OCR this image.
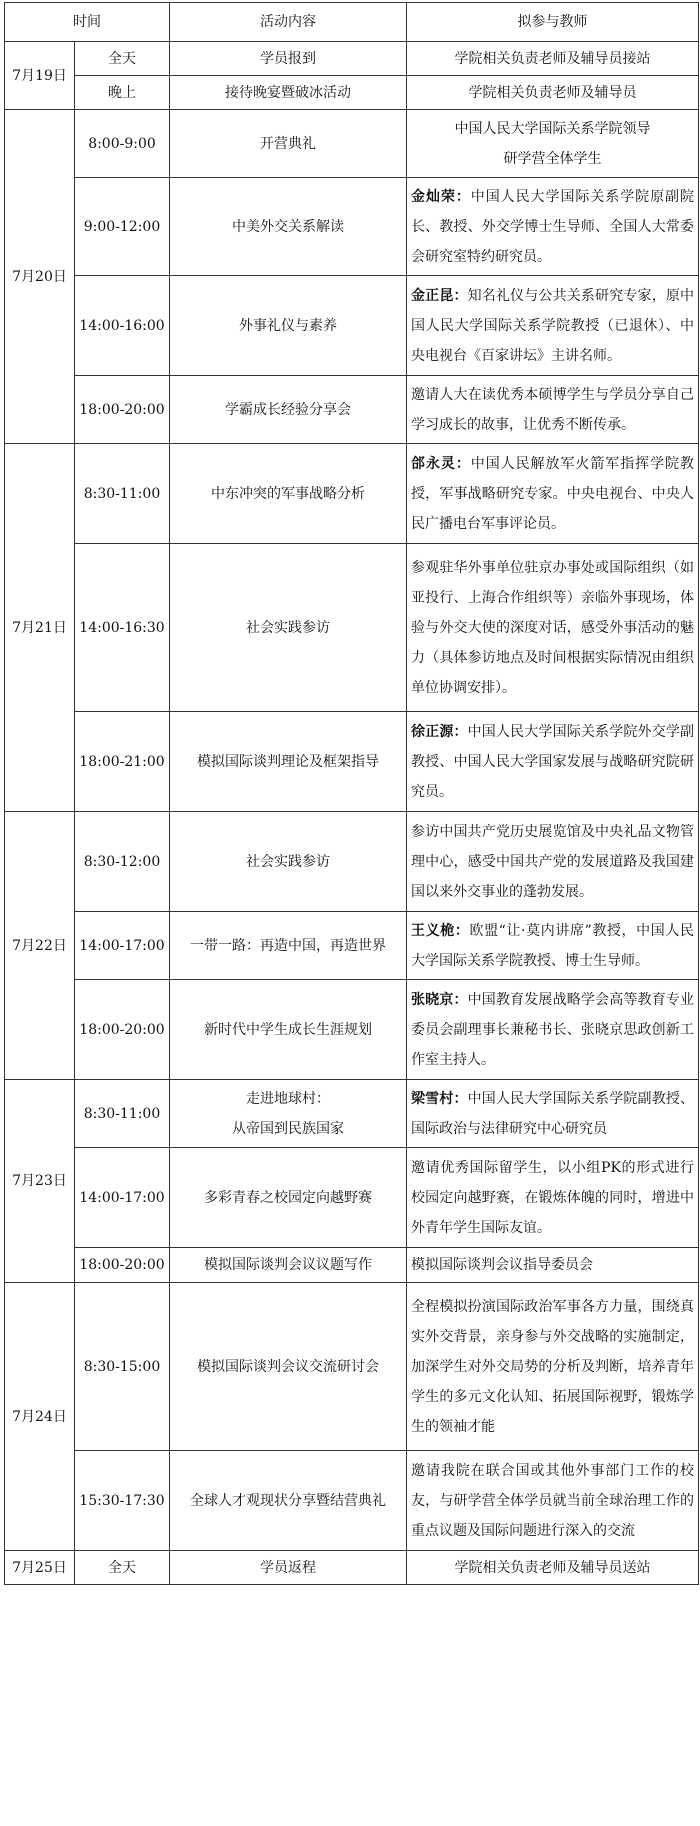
时间		活动内容	拟参与教师
7月19日	全天	学员报到	学院相关负责老师及辅导员接站
	晚上	接待晚宴暨破冰活动	学院相关负责老师及辅导员
7月20日	8:00-9:00	开营典礼	中国人民大学国际关系学院领导
研学营全体学生

	9:00-12:00	中美外交关系解读	金灿荣：中国人民大学国际关系学院原副院长、教授、外交学博士生导师、全国人大常委会研究室特约研究员。
	14:00-16:00	外事礼仪与素养	金正昆：知名礼仪与公共关系研究专家，原中国人民大学国际关系学院教授（已退休）、中央电视台《百家讲坛》主讲名师。
	18:00-20:00	学霸成长经验分享会	邀请人大在读优秀本硕博学生与学员分享自己学习成长的故事，让优秀不断传承。
7月21日	8:30-11:00	中东冲突的军事战略分析	郃永灵：中国人民解放军火箭军指挥学院教授，军事战略研究专家。中央电视台、中央人民广播电台军事评论员。
	14:00-16:30	社会实践参访	参观驻华外事单位驻京办事处或国际组织（如亚投行、上海合作组织等）亲临外事现场，体验与外交大使的深度对话，感受外事活动的魅力（具体参访地点及时间根据实际情况由组织单位协调安排）。
	18:00-21:00	模拟国际谈判理论及框架指导	徐正源：中国人民大学国际关系学院外交学副教授、中国人民大学国家发展与战略研究院研究员。
7月22日	8:30-12:00	社会实践参访	参访中国共产党历史展览馆及中央礼品文物管理中心，感受中国共产党的发展道路及我国建国以来外交事业的蓬勃发展。
	14:00-17:00	一带一路：再造中国，再造世界	王义桅：欧盟“让·莫内讲席”教授，中国人民大学国际关系学院教授、博士生导师。
	18:00-20:00	新时代中学生成长生涯规划	张晓京：中国教育发展战略学会高等教育专业委员会副理事长兼秘书长、张晓京思政创新工作室主持人。
7月23日	8:30-11:00	走进地球村：
从帝国到民族国家	梁雪村：中国人民大学国际关系学院副教授、国际政治与法律研究中心研究员
	14:00-17:00	多彩青春之校园定向越野赛	邀请优秀国际留学生，以小组PK的形式进行校园定向越野赛，在锻炼体魄的同时，增进中外青年学生国际友谊。
	18:00-20:00	模拟国际谈判会议议题写作	模拟国际谈判会议指导委员会
7月24日	8:30-15:00	模拟国际谈判会议交流研讨会	全程模拟扮演国际政治军事各方力量，围绕真实外交背景，亲身参与外交战略的实施制定，加深学生对外交局势的分析及判断，培养青年学生的多元文化认知、拓展国际视野，锻炼学生的领袖才能
	15:30-17:30	全球人才观现状分享暨结营典礼	邀请我院在联合国或其他外事部门工作的校友，与研学营全体学员就当前全球治理工作的重点议题及国际问题进行深入的交流
7月25日	全天	学员返程	学院相关负责老师及辅导员送站
